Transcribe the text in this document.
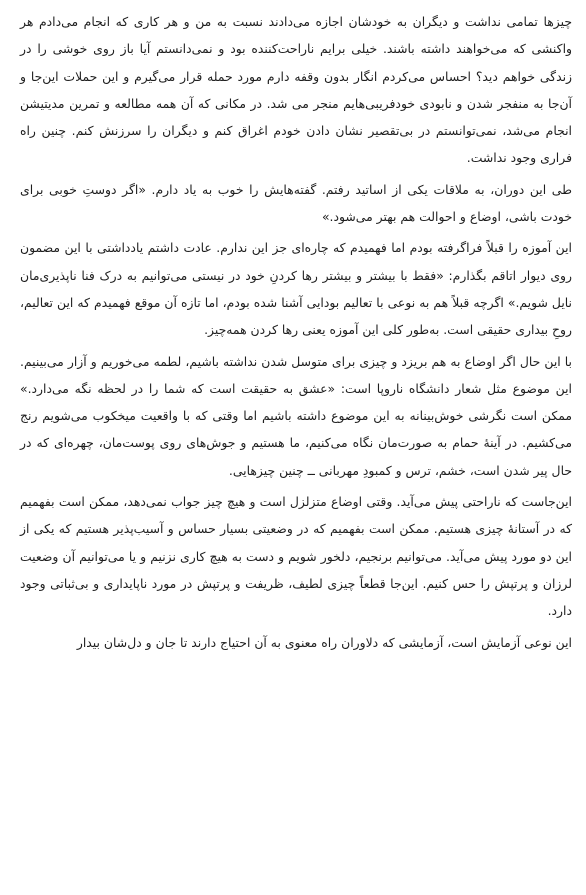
چیزها تمامی نداشت و دیگران به خودشان اجازه می‌دادند نسبت به من و هر کاری که انجام می‌دادم هر واکنشی که می‌خواهند داشته باشند. خیلی برایم ناراحت‌کننده بود و نمی‌دانستم آیا باز روی خوشی را در زندگی خواهم دید؟ احساس می‌کردم انگار بدون وقفه دارم مورد حمله قرار می‌گیرم و این حملات این‌جا و آن‌جا به منفجر شدن و نابودی خودفریبی‌هایم منجر می شد. در مکانی که آن همه مطالعه و تمرین مدیتیشن انجام می‌شد، نمی‌توانستم در بی‌تقصیر نشان دادن خودم اغراق کنم و دیگران را سرزنش کنم. چنین راه فراری وجود نداشت.

طی این دوران، به ملاقات یکی از اساتید رفتم. گفته‌هایش را خوب به یاد دارم. «اگر دوستِ خوبی برای خودت باشی، اوضاع و احوالت هم بهتر می‌شود.»

این آموزه را قبلاً فراگرفته بودم اما فهمیدم که چاره‌ای جز این ندارم. عادت داشتم یادداشتی با این مضمون روی دیوار اتاقم بگذارم: «فقط با بیشتر و بیشتر رها کردنِ خود در نیستی می‌توانیم به درک فنا ناپذیری‌مان نایل شویم.» اگرچه قبلاً هم به نوعی با تعالیم بودایی آشنا شده بودم، اما تازه آن موقع فهمیدم که این تعالیم، روحِ بیداری حقیقی است. به‌طور کلی این آموزه یعنی رها کردن همه‌چیز.

با این حال اگر اوضاع به هم بریزد و چیزی برای متوسل شدن نداشته باشیم، لطمه می‌خوریم و آزار می‌بینیم. این موضوع مثل شعار دانشگاه ناروپا است: «عشق به حقیقت است که شما را در لحظه نگه می‌دارد.» ممکن است نگرشی خوش‌بینانه به این موضوع داشته باشیم اما وقتی که با واقعیت میخکوب می‌شویم رنج می‌کشیم. در آینهٔ حمام به صورت‌مان نگاه می‌کنیم، ما هستیم و جوش‌های روی پوست‌مان، چهره‌ای که در حال پیر شدن است، خشم، ترس و کمبودِ مهربانی ــ چنین چیزهایی.

این‌جاست که ناراحتی پیش می‌آید. وقتی اوضاع متزلزل است و هیچ چیز جواب نمی‌دهد، ممکن است بفهمیم که در آستانهٔ چیزی هستیم. ممکن است بفهمیم که در وضعیتی بسیار حساس و آسیب‌پذیر هستیم که یکی از این دو مورد پیش می‌آید. می‌توانیم برنجیم، دلخور شویم و دست به هیچ کاری نزنیم و یا می‌توانیم آن وضعیت لرزان و پرتپش را حس کنیم. این‌جا قطعاً چیزی لطیف، ظریفت و پرتپش در مورد ناپایداری و بی‌ثباتی وجود دارد.

این نوعی آزمایش است، آزمایشی که دلاوران راه معنوی به آن احتیاج دارند تا جان و دل‌شان بیدار
